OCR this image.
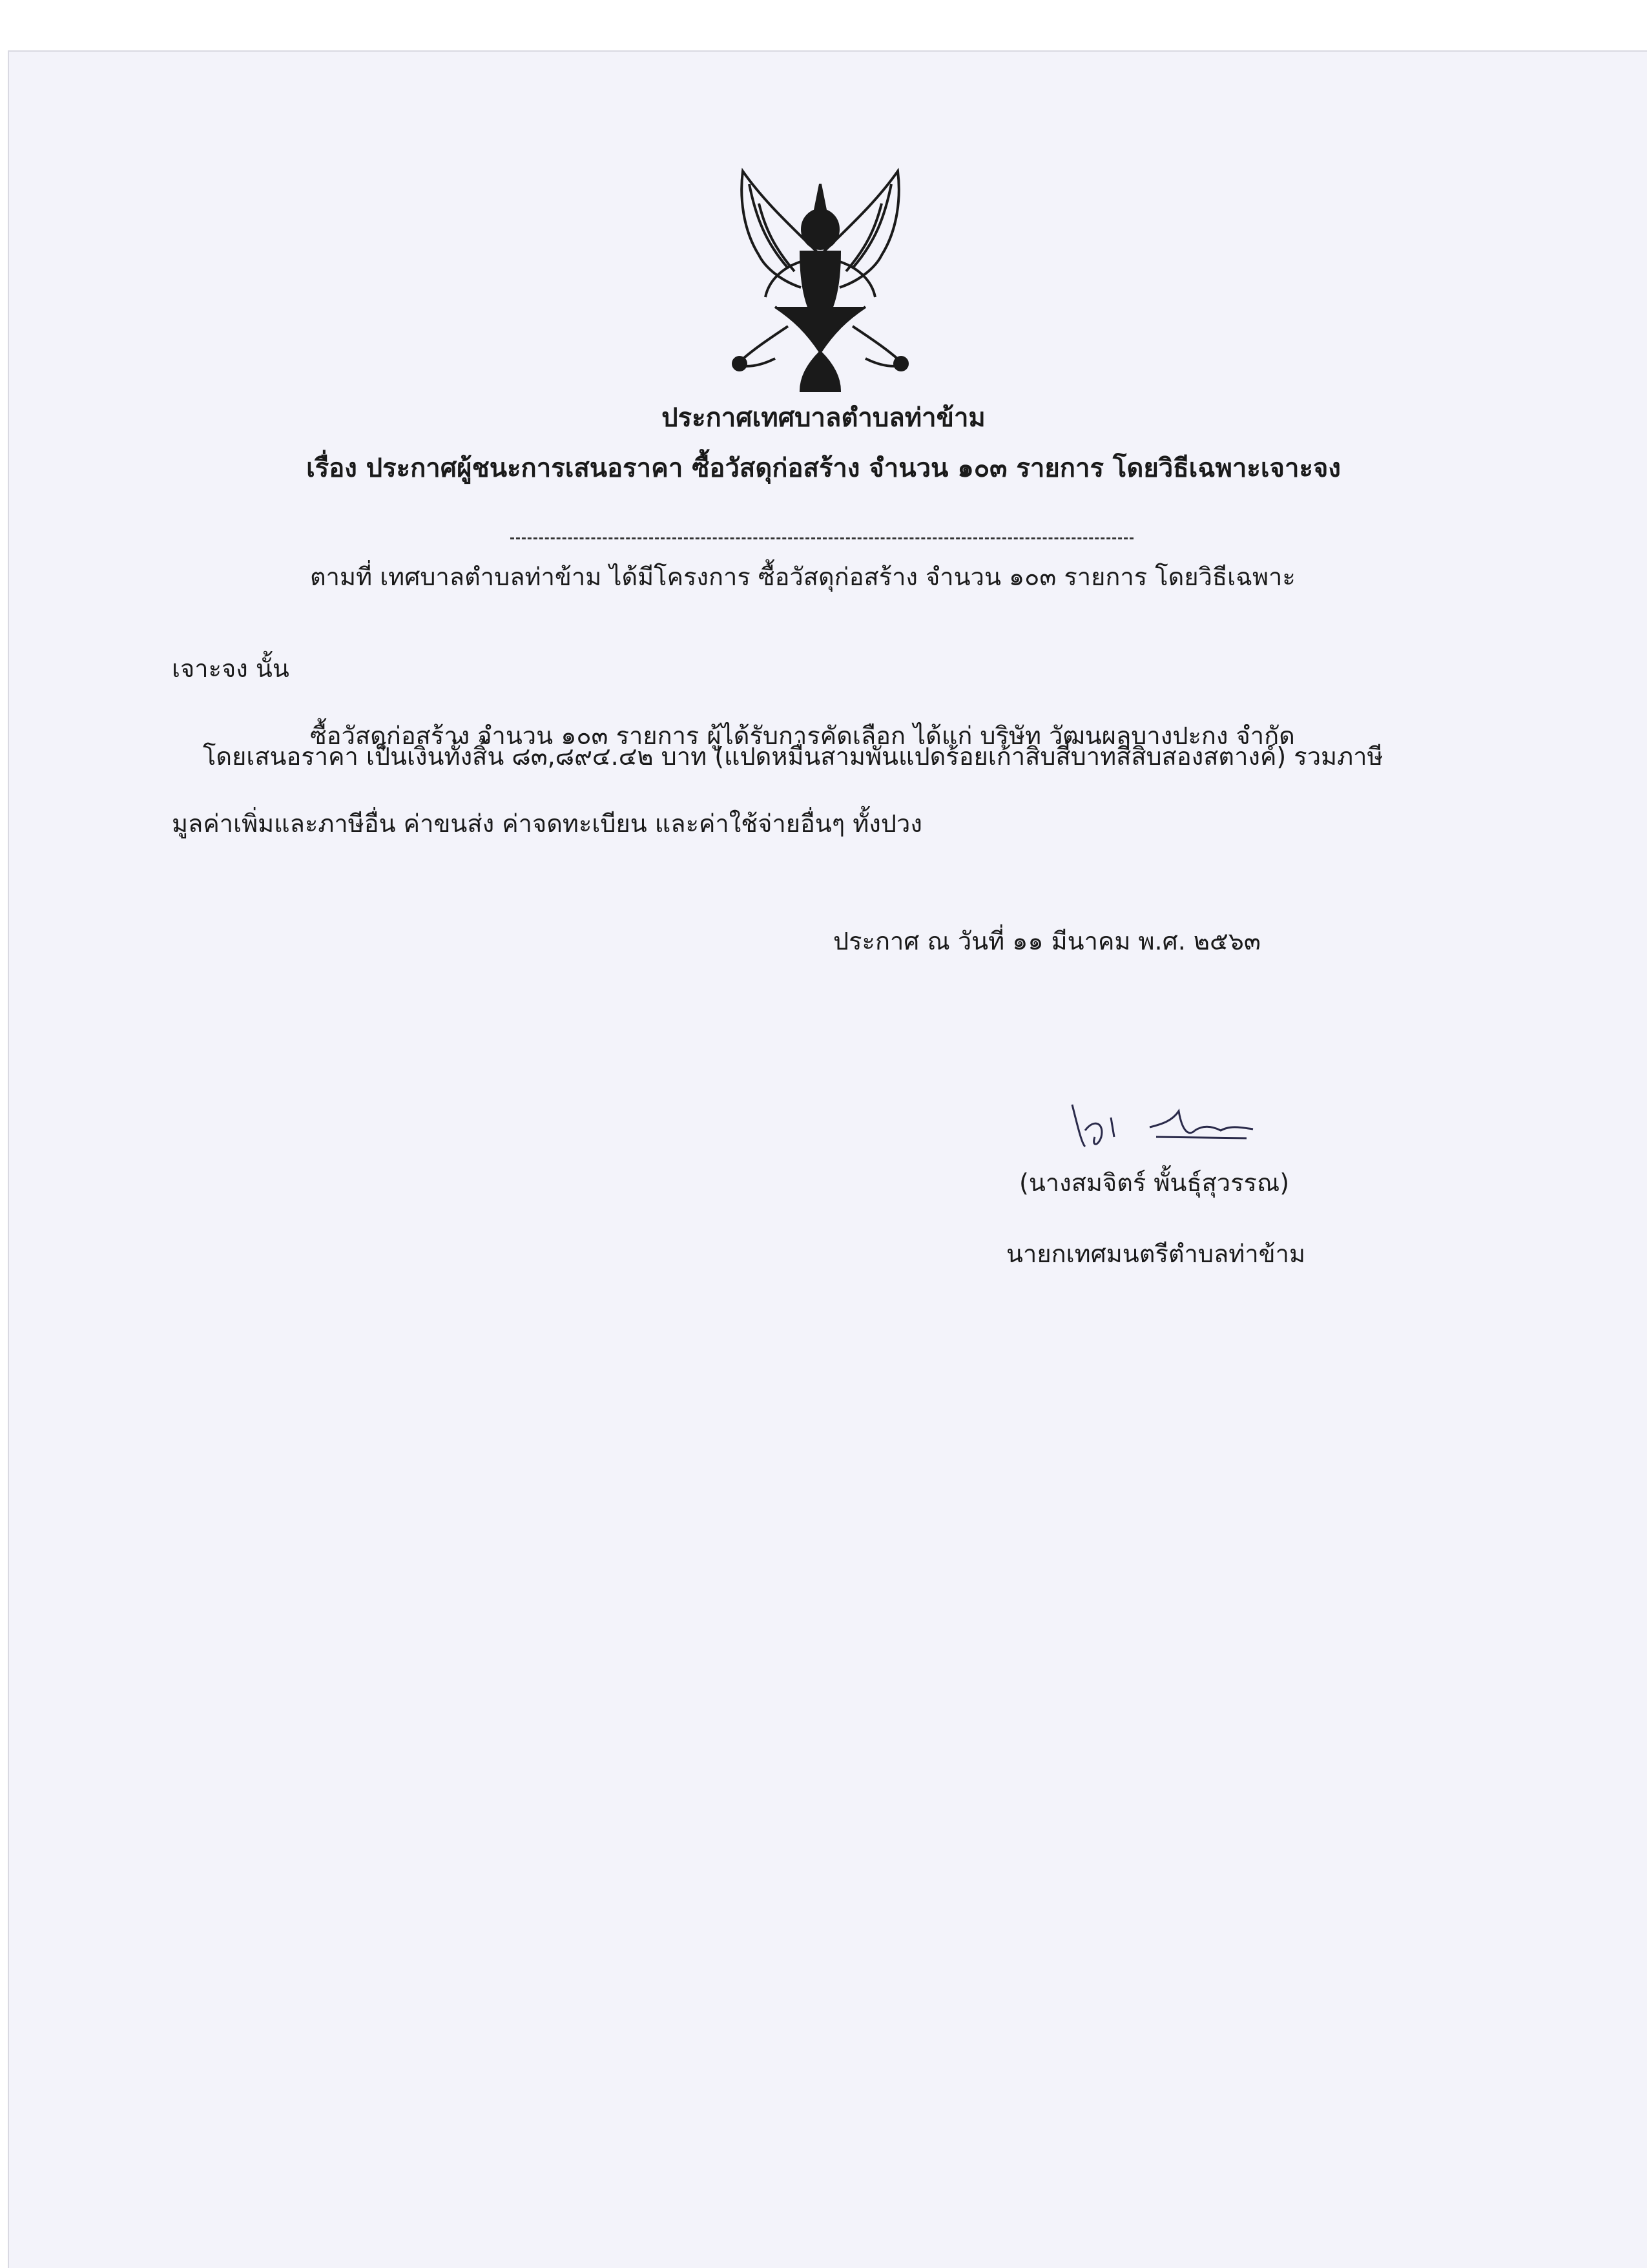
ประกาศเทศบาลตำบลท่าข้าม
เรื่อง ประกาศผู้ชนะการเสนอราคา ซื้อวัสดุก่อสร้าง จำนวน ๑๐๓ รายการ โดยวิธีเฉพาะเจาะจง
ตามที่ เทศบาลตำบลท่าข้าม ได้มีโครงการ ซื้อวัสดุก่อสร้าง จำนวน ๑๐๓ รายการ โดยวิธีเฉพาะ
เจาะจง นั้น
ซื้อวัสดุก่อสร้าง จำนวน ๑๐๓ รายการ ผู้ได้รับการคัดเลือก ได้แก่ บริษัท วัฒนผลบางปะกง จำกัด
โดยเสนอราคา เป็นเงินทั้งสิ้น ๘๓,๘๙๔.๔๒ บาท (แปดหมื่นสามพันแปดร้อยเก้าสิบสี่บาทสี่สิบสองสตางค์) รวมภาษี
มูลค่าเพิ่มและภาษีอื่น ค่าขนส่ง ค่าจดทะเบียน และค่าใช้จ่ายอื่นๆ ทั้งปวง
ประกาศ ณ วันที่ ๑๑ มีนาคม พ.ศ. ๒๕๖๓
(นางสมจิตร์ พั้นธุ์สุวรรณ)
นายกเทศมนตรีตำบลท่าข้าม
